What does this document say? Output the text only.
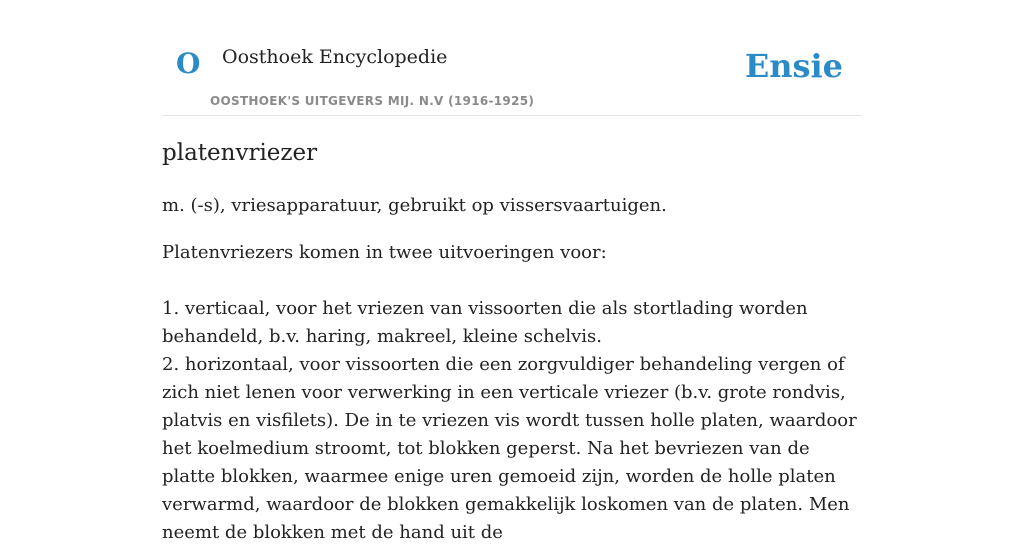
O Oosthoek Encyclopedie
OOSTHOEK'S UITGEVERS MIJ. N.V (1916-1925)
Ensie
platenvriezer

m. (-s), vriesapparatuur, gebruikt op vissersvaartuigen.

Platenvriezers komen in twee uitvoeringen voor:

1. verticaal, voor het vriezen van vissoorten die als stortlading worden behandeld, b.v. haring, makreel, kleine schelvis.

2. horizontaal, voor vissoorten die een zorgvuldiger behandeling vergen of zich niet lenen voor verwerking in een verticale vriezer (b.v. grote rondvis, platvis en visfilets). De in te vriezen vis wordt tussen holle platen, waardoor het koelmedium stroomt, tot blokken geperst. Na het bevriezen van de platte blokken, waarmee enige uren gemoeid zijn, worden de holle platen verwarmd, waardoor de blokken gemakkelijk loskomen van de platen. Men neemt de blokken met de hand uit de
